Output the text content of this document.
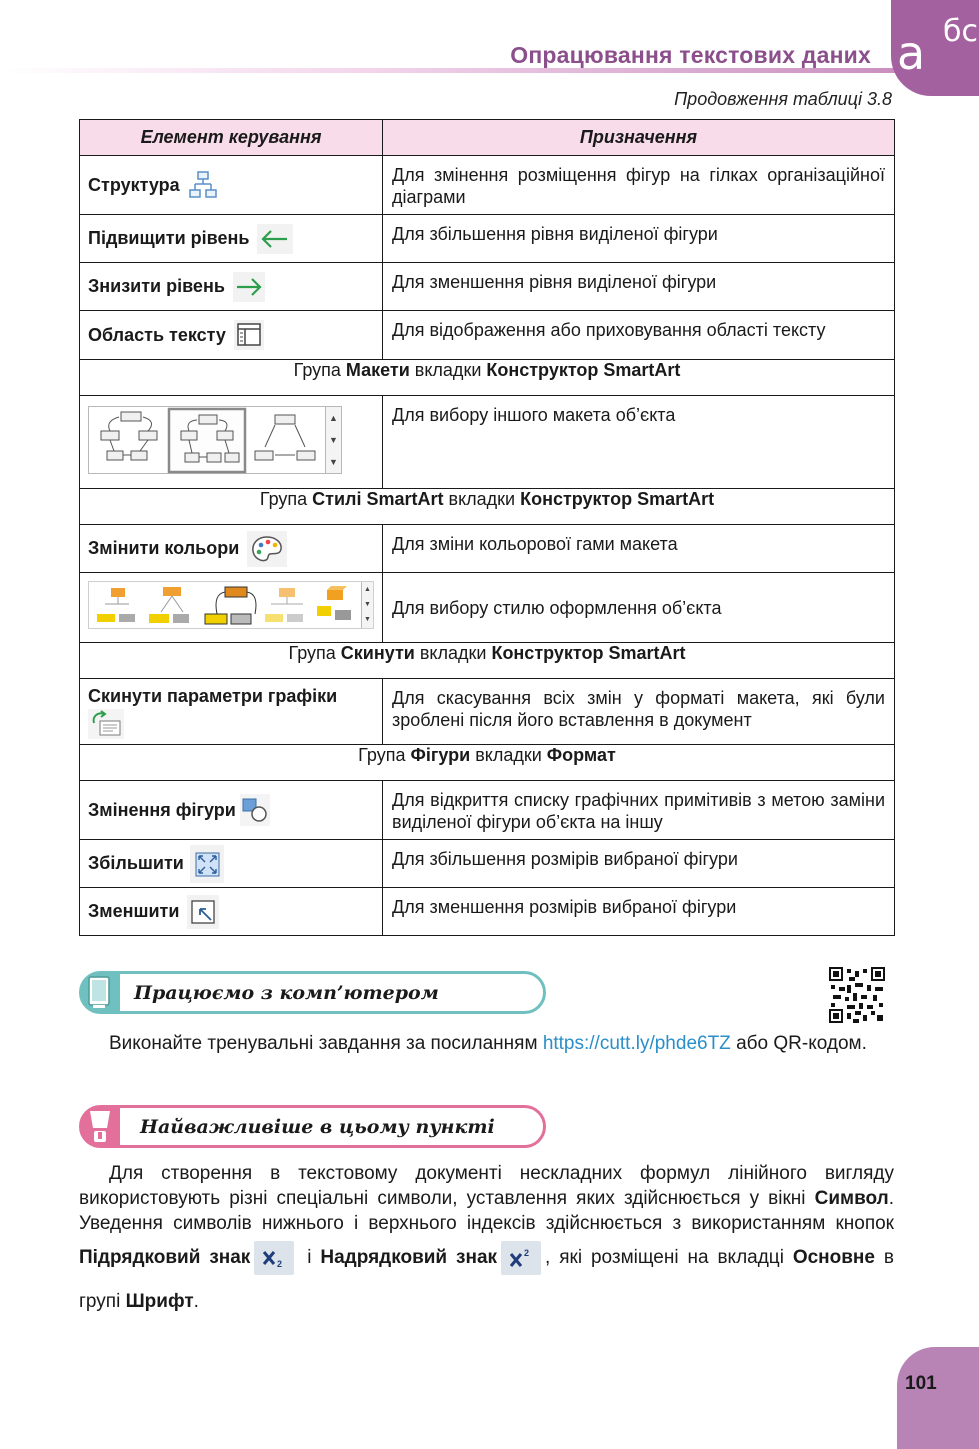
Опрацювання текстових даних а бс
Продовження таблиці 3.8
Елемент керування	Призначення

Структура	Для змінення розміщення фігур на гілках організаційної діаграми

Підвищити рівень	Для збільшення рівня виділеної фігури

Знизити рівень	Для зменшення рівня виділеної фігури

Область тексту	Для відображення або приховування області тексту
Група Макети вкладки Конструктор SmartArt	

▲
▼
▼	Для вибору іншого макета об’єкта
Група Стилі SmartArt вкладки Конструктор SmartArt	

Змінити кольори	Для зміни кольорової гами макета

▲
▼
▼	Для вибору стилю оформлення об’єкта
Група Скинути вкладки Конструктор SmartArt	

Скинути параметри графіки	Для скасування всіх змін у форматі макета, які були зроблені після його вставлення в документ
Група Фігури вкладки Формат	

Змінення фігури	Для відкриття списку графічних примітивів з метою заміни виділеної фігури об’єкта на іншу

Збільшити	Для збільшення розмірів вибраної фігури

Зменшити	Для зменшення розмірів вибраної фігури
Працюємо з комп’ютером
Виконайте тренувальні завдання за посиланням https://cutt.ly/phde6TZ або QR-кодом.
Найважливіше в цьому пункті
Для створення в текстовому документі нескладних формул лінійного вигляду використовують різні спеціальні символи, уставлення яких здійснюється у вікні Символ. Уведення символів нижнього і верхнього індексів здійснюється з використанням кнопок Підрядковий знак	2 і Надрядковий знак	2 , які розміщені на вкладці Основне в групі Шрифт.
101
